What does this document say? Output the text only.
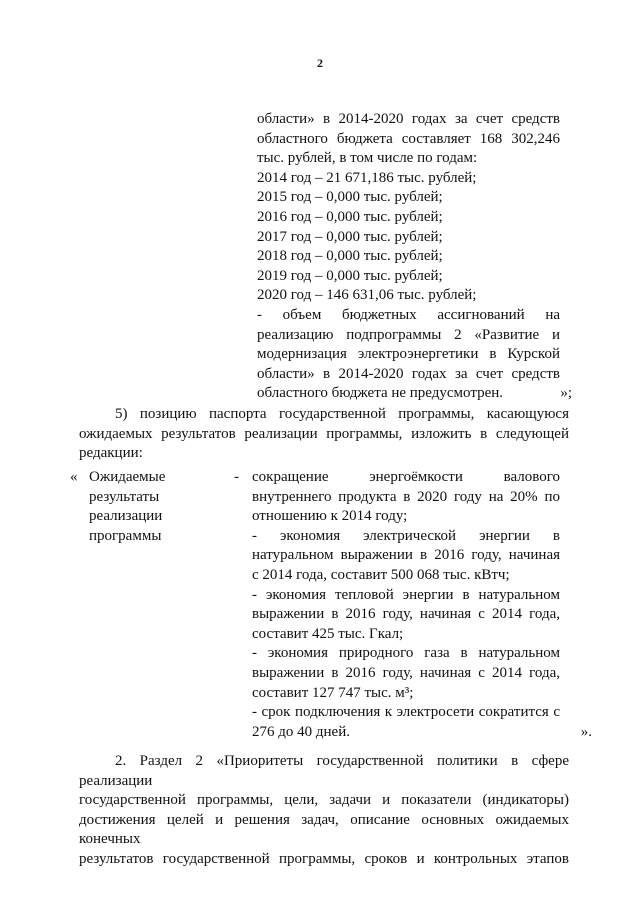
2

области» в 2014-2020 годах за счет средств

областного бюджета составляет 168 302,246

тыс. рублей, в том числе по годам:

2014 год – 21 671,186 тыс. рублей;

2015 год – 0,000 тыс. рублей;

2016 год – 0,000 тыс. рублей;

2017 год – 0,000 тыс. рублей;

2018 год – 0,000 тыс. рублей;

2019 год – 0,000 тыс. рублей;

2020 год – 146 631,06 тыс. рублей;

- объем бюджетных ассигнований на

реализацию подпрограммы 2 «Развитие и

модернизация электроэнергетики в Курской

области» в 2014-2020 годах за счет средств

областного бюджета не предусмотрен.	»;

5) позицию паспорта государственной программы, касающуюся

ожидаемых результатов реализации программы, изложить в следующей

редакции:

« Ожидаемые

результаты

реализации

программы

- сокращение энергоёмкости валового

внутреннего продукта в 2020 году на 20% по

отношению к 2014 году;

- экономия электрической энергии в

натуральном выражении в 2016 году, начиная

с 2014 года, составит 500 068 тыс. кВтч;

- экономия тепловой энергии в натуральном

выражении в 2016 году, начиная с 2014 года,

составит 425 тыс. Гкал;

- экономия природного газа в натуральном

выражении в 2016 году, начиная с 2014 года,

составит 127 747 тыс. м³;

- срок подключения к электросети сократится с

276 до 40 дней.	».

2. Раздел 2 «Приоритеты государственной политики в сфере реализации

государственной программы, цели, задачи и показатели (индикаторы)

достижения целей и решения задач, описание основных ожидаемых конечных

результатов государственной программы, сроков и контрольных этапов
